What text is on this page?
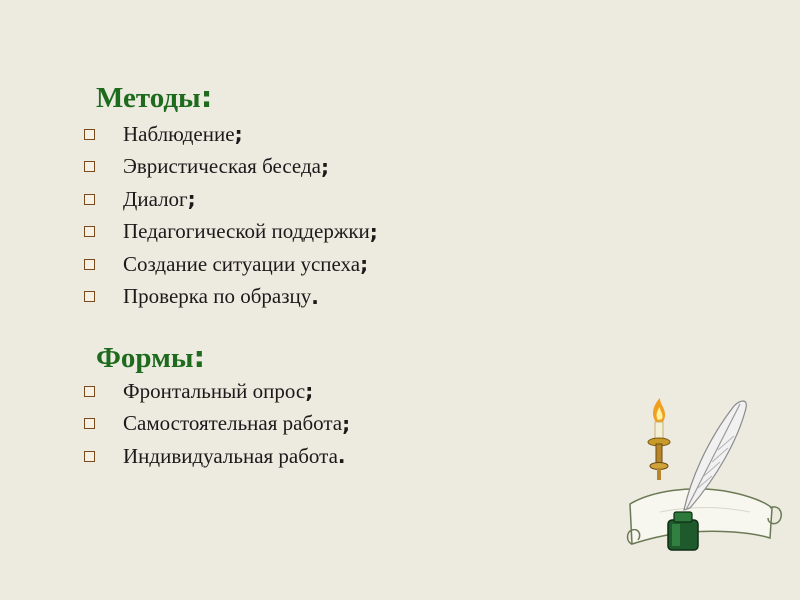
Методы:
Наблюдение ;
Эвристическая беседа ;
Диалог ;
Педагогической поддержки ;
Создание ситуации успеха ;
Проверка по образцу .
Формы:
Фронтальный опрос ;
Самостоятельная работа ;
Индивидуальная работа .
